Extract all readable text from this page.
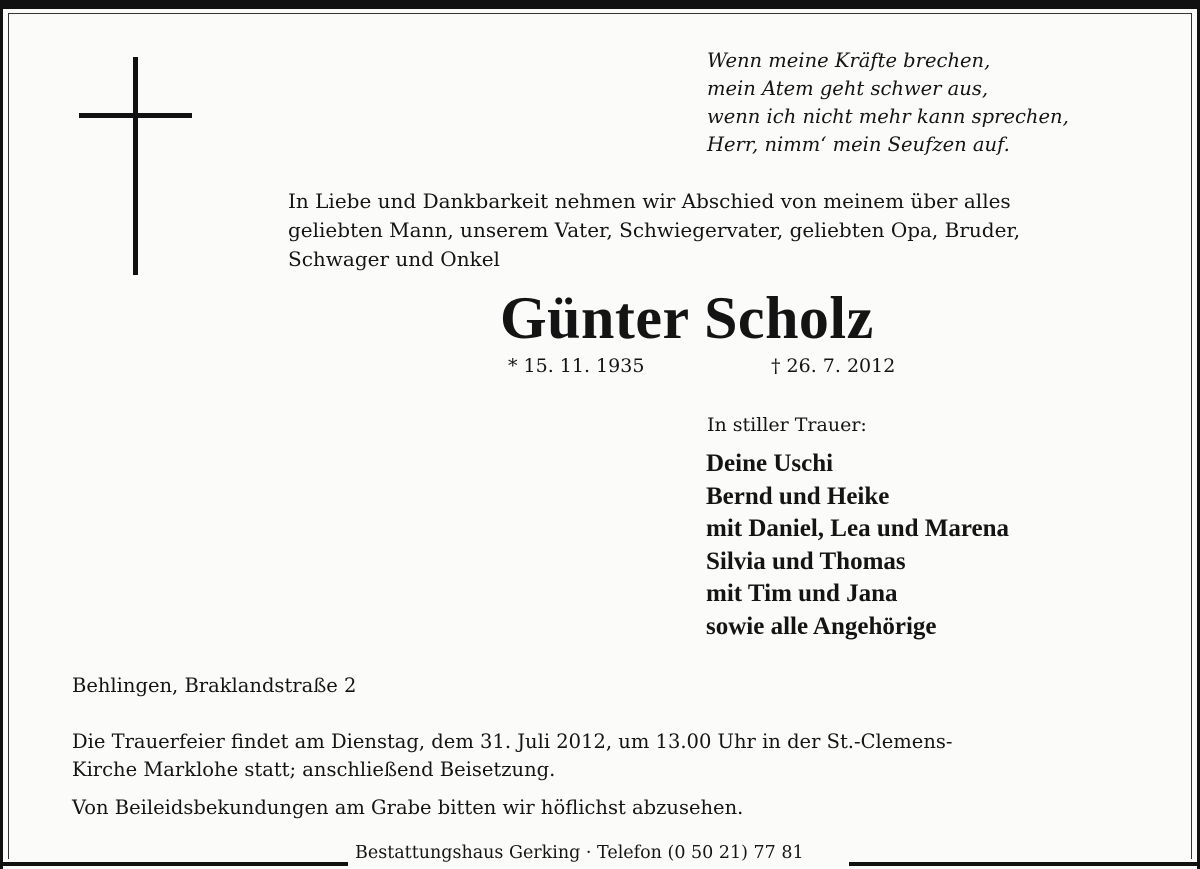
Wenn meine Kräfte brechen,
mein Atem geht schwer aus,
wenn ich nicht mehr kann sprechen,
Herr, nimm‘ mein Seufzen auf.
In Liebe und Dankbarkeit nehmen wir Abschied von meinem über alles
geliebten Mann, unserem Vater, Schwiegervater, geliebten Opa, Bruder,
Schwager und Onkel
Günter Scholz
* 15. 11. 1935	† 26. 7. 2012
In stiller Trauer:
Deine Uschi
Bernd und Heike
mit Daniel, Lea und Marena
Silvia und Thomas
mit Tim und Jana
sowie alle Angehörige
Behlingen, Braklandstraße 2
Die Trauerfeier findet am Dienstag, dem 31. Juli 2012, um 13.00 Uhr in der St.-Clemens-
Kirche Marklohe statt; anschließend Beisetzung.
Von Beileidsbekundungen am Grabe bitten wir höflichst abzusehen.
Bestattungshaus Gerking · Telefon (0 50 21) 77 81
